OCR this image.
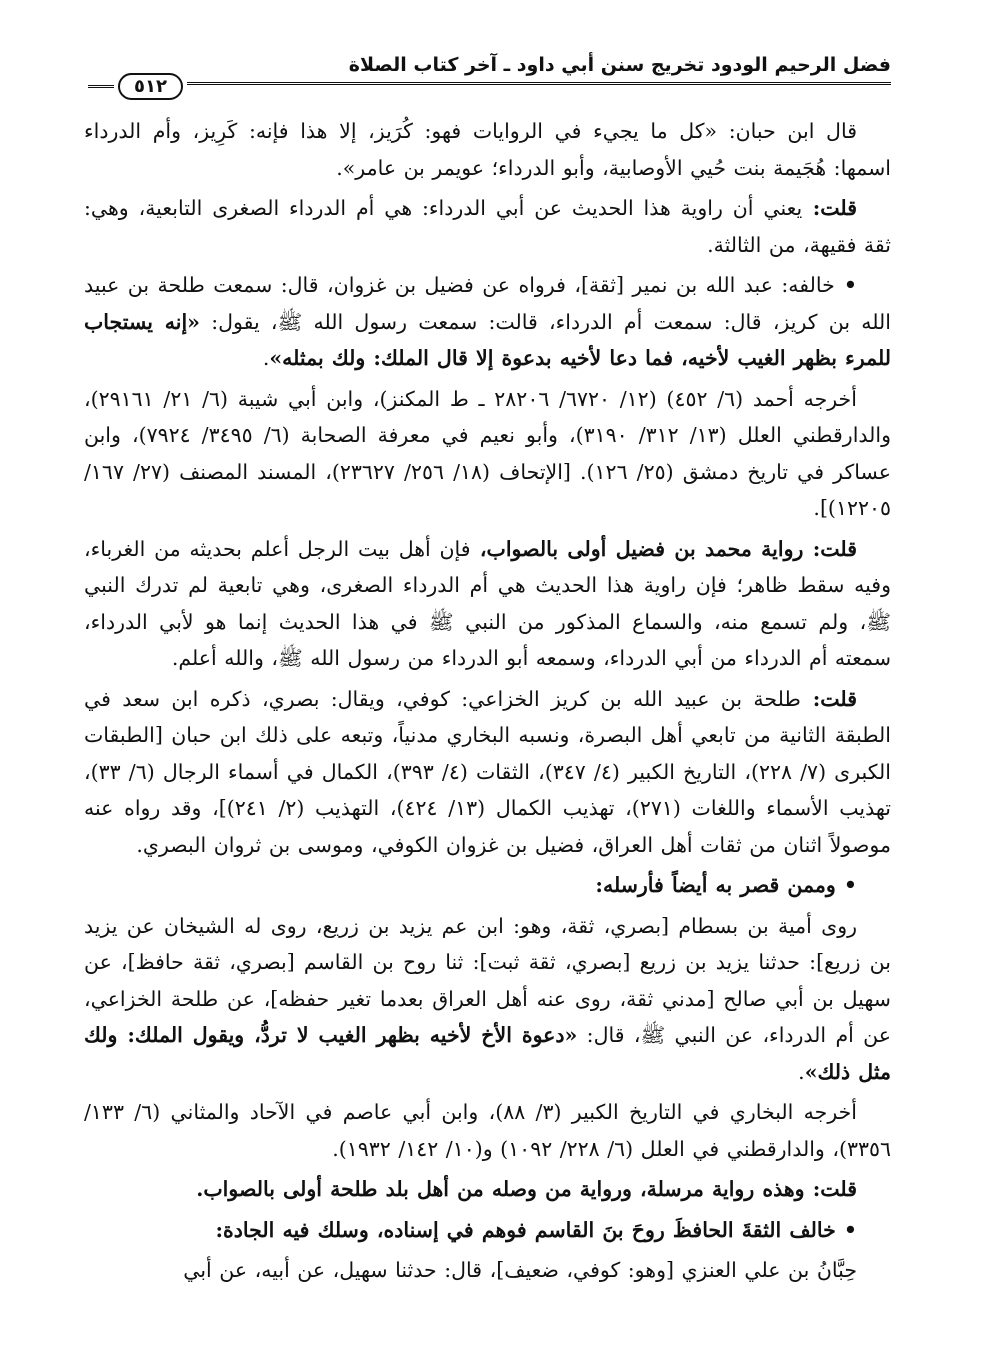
فضل الرحيم الودود تخريج سنن أبي داود ـ آخر كتاب الصلاة
٥١٢

قال ابن حبان: «كل ما يجيء في الروايات فهو: كُرَيز، إلا هذا فإنه: كَرِيز، وأم الدرداء اسمها: هُجَيمة بنت حُيي الأوصابية، وأبو الدرداء؛ عويمر بن عامر».

قلت: يعني أن راوية هذا الحديث عن أبي الدرداء: هي أم الدرداء الصغرى التابعية، وهي: ثقة فقيهة، من الثالثة.

• خالفه: عبد الله بن نمير [ثقة]، فرواه عن فضيل بن غزوان، قال: سمعت طلحة بن عبيد الله بن كريز، قال: سمعت أم الدرداء، قالت: سمعت رسول الله ﷺ، يقول: «إنه يستجاب للمرء بظهر الغيب لأخيه، فما دعا لأخيه بدعوة إلا قال الملك: ولك بمثله».

أخرجه أحمد (٦/ ٤٥٢) (١٢/ ٦٧٢٠/ ٢٨٢٠٦ ـ ط المكنز)، وابن أبي شيبة (٦/ ٢١/ ٢٩١٦١)، والدارقطني العلل (١٣/ ٣١٢/ ٣١٩٠)، وأبو نعيم في معرفة الصحابة (٦/ ٣٤٩٥/ ٧٩٢٤)، وابن عساكر في تاريخ دمشق (٢٥/ ١٢٦). [الإتحاف (١٨/ ٢٥٦/ ٢٣٦٢٧)، المسند المصنف (٢٧/ ١٦٧/ ١٢٢٠٥)].

قلت: رواية محمد بن فضيل أولى بالصواب، فإن أهل بيت الرجل أعلم بحديثه من الغرباء، وفيه سقط ظاهر؛ فإن راوية هذا الحديث هي أم الدرداء الصغرى، وهي تابعية لم تدرك النبي ﷺ، ولم تسمع منه، والسماع المذكور من النبي ﷺ في هذا الحديث إنما هو لأبي الدرداء، سمعته أم الدرداء من أبي الدرداء، وسمعه أبو الدرداء من رسول الله ﷺ، والله أعلم.

قلت: طلحة بن عبيد الله بن كريز الخزاعي: كوفي، ويقال: بصري، ذكره ابن سعد في الطبقة الثانية من تابعي أهل البصرة، ونسبه البخاري مدنياً، وتبعه على ذلك ابن حبان [الطبقات الكبرى (٧/ ٢٢٨)، التاريخ الكبير (٤/ ٣٤٧)، الثقات (٤/ ٣٩٣)، الكمال في أسماء الرجال (٦/ ٣٣)، تهذيب الأسماء واللغات (٢٧١)، تهذيب الكمال (١٣/ ٤٢٤)، التهذيب (٢/ ٢٤١)]، وقد رواه عنه موصولاً اثنان من ثقات أهل العراق، فضيل بن غزوان الكوفي، وموسى بن ثروان البصري.

• وممن قصر به أيضاً فأرسله:

روى أمية بن بسطام [بصري، ثقة، وهو: ابن عم يزيد بن زريع، روى له الشيخان عن يزيد بن زريع]: حدثنا يزيد بن زريع [بصري، ثقة ثبت]: ثنا روح بن القاسم [بصري، ثقة حافظ]، عن سهيل بن أبي صالح [مدني ثقة، روى عنه أهل العراق بعدما تغير حفظه]، عن طلحة الخزاعي، عن أم الدرداء، عن النبي ﷺ، قال: «دعوة الأخ لأخيه بظهر الغيب لا تردُّ، ويقول الملك: ولك مثل ذلك».

أخرجه البخاري في التاريخ الكبير (٣/ ٨٨)، وابن أبي عاصم في الآحاد والمثاني (٦/ ١٣٣/ ٣٣٥٦)، والدارقطني في العلل (٦/ ٢٢٨/ ١٠٩٢) و(١٠/ ١٤٢/ ١٩٣٢).

قلت: وهذه رواية مرسلة، ورواية من وصله من أهل بلد طلحة أولى بالصواب.

• خالف الثقةَ الحافظَ روحَ بنَ القاسم فوهم في إسناده، وسلك فيه الجادة:

حِبَّانُ بن علي العنزي [وهو: كوفي، ضعيف]، قال: حدثنا سهيل، عن أبيه، عن أبي
